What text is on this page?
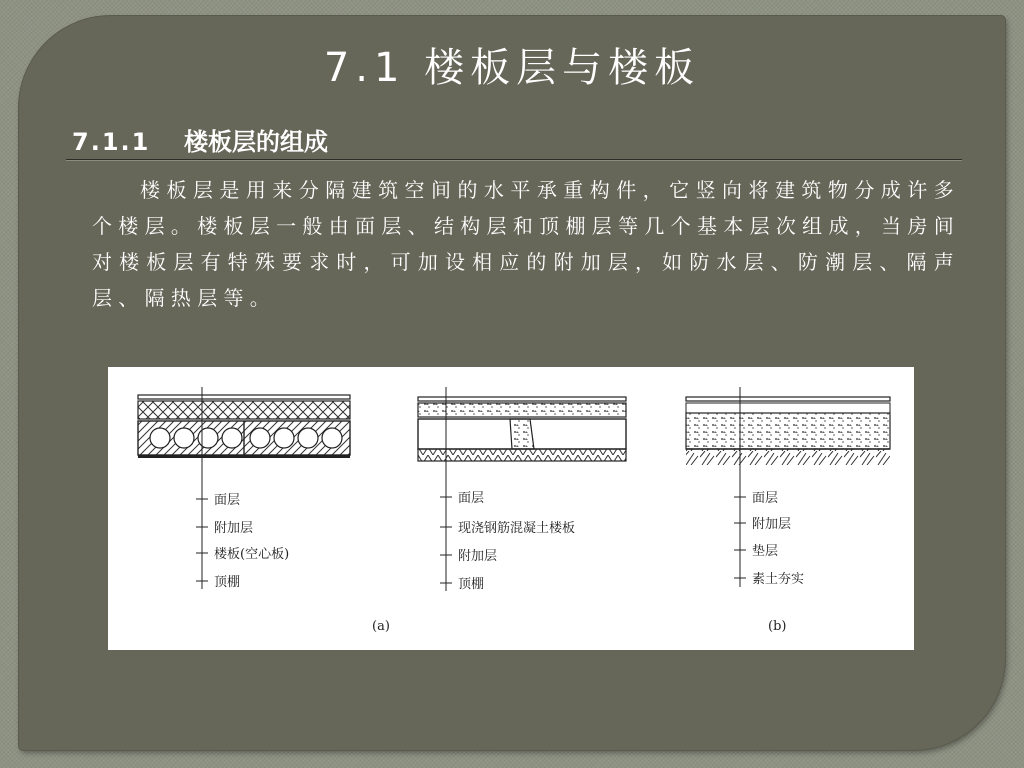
7.1 楼板层与楼板
7.1.1 楼板层的组成
楼板层是用来分隔建筑空间的水平承重构件，它竖向将建筑物分成许多个楼层。楼板层一般由面层、结构层和顶棚层等几个基本层次组成，当房间对楼板层有特殊要求时，可加设相应的附加层，如防水层、防潮层、隔声层、隔热层等。
面层
附加层
楼板(空心板)
顶棚
面层
现浇钢筋混凝土楼板
附加层
顶棚
面层
附加层
垫层
素土夯实
(a)	(b)
